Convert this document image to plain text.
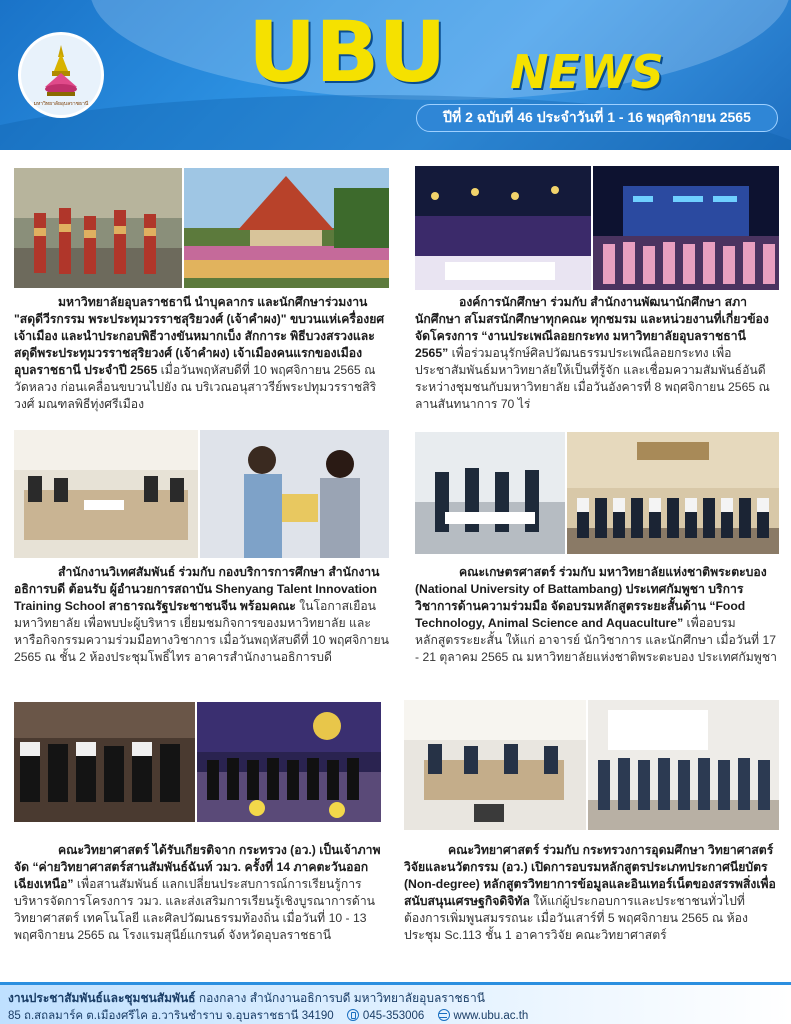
มหาวิทยาลัยอุบลราชธานี
UBU NEWS
ปีที่ 2 ฉบับที่ 46 ประจำวันที่ 1 - 16 พฤศจิกายน 2565
มหาวิทยาลัยอุบลราชธานี นำบุคลากร และนักศึกษาร่วมงาน "สดุดีวีรกรรม พระประทุมวรราชสุริยวงศ์ (เจ้าคำผง)" ขบวนแห่เครื่องยศเจ้าเมือง และนำประกอบพิธีวางขันหมากเบ็ง สักการะ พิธีบวงสรวงและสดุดีพระประทุมวรราชสุริยวงศ์ (เจ้าคำผง) เจ้าเมืองคนแรกของเมืองอุบลราชธานี ประจำปี 2565 เมื่อวันพฤหัสบดีที่ 10 พฤศจิกายน 2565 ณ วัดหลวง ก่อนเคลื่อนขบวนไปยัง ณ บริเวณอนุสาวรีย์พระปทุมวรราชสิริวงศ์ มณฑลพิธีทุ่งศรีเมือง
องค์การนักศึกษา ร่วมกับ สำนักงานพัฒนานักศึกษา สภานักศึกษา สโมสรนักศึกษาทุกคณะ ทุกชมรม และหน่วยงานที่เกี่ยวข้อง จัดโครงการ “งานประเพณีลอยกระทง มหาวิทยาลัยอุบลราชธานี 2565” เพื่อร่วมอนุรักษ์ศิลปวัฒนธรรมประเพณีลอยกระทง เพื่อประชาสัมพันธ์มหาวิทยาลัยให้เป็นที่รู้จัก และเชื่อมความสัมพันธ์อันดีระหว่างชุมชนกับมหาวิทยาลัย เมื่อวันอังคารที่ 8 พฤศจิกายน 2565 ณ ลานสันทนาการ 70 ไร่
สำนักงานวิเทศสัมพันธ์ ร่วมกับ กองบริการการศึกษา สำนักงานอธิการบดี ต้อนรับ ผู้อำนวยการสถาบัน Shenyang Talent Innovation Training School สาธารณรัฐประชาชนจีน พร้อมคณะ ในโอกาสเยือนมหาวิทยาลัย เพื่อพบปะผู้บริหาร เยี่ยมชมกิจการของมหาวิทยาลัย และหารือกิจกรรมความร่วมมือทางวิชาการ เมื่อวันพฤหัสบดีที่ 10 พฤศจิกายน 2565 ณ ชั้น 2 ห้องประชุมโพธิ์ไทร อาคารสำนักงานอธิการบดี
คณะเกษตรศาสตร์ ร่วมกับ มหาวิทยาลัยแห่งชาติพระตะบอง (National University of Battambang) ประเทศกัมพูชา บริการวิชาการด้านความร่วมมือ จัดอบรมหลักสูตรระยะสั้นด้าน “Food Technology, Animal Science and Aquaculture” เพื่ออบรมหลักสูตรระยะสั้น ให้แก่ อาจารย์ นักวิชาการ และนักศึกษา เมื่อวันที่ 17 - 21 ตุลาคม 2565 ณ มหาวิทยาลัยแห่งชาติพระตะบอง ประเทศกัมพูชา
คณะวิทยาศาสตร์ ได้รับเกียรติจาก กระทรวง (อว.) เป็นเจ้าภาพจัด “ค่ายวิทยาศาสตร์สานสัมพันธ์ฉันท์ วมว. ครั้งที่ 14 ภาคตะวันออกเฉียงเหนือ” เพื่อสานสัมพันธ์ แลกเปลี่ยนประสบการณ์การเรียนรู้การบริหารจัดการโครงการ วมว. และส่งเสริมการเรียนรู้เชิงบูรณาการด้านวิทยาศาสตร์ เทคโนโลยี และศิลปวัฒนธรรมท้องถิ่น เมื่อวันที่ 10 - 13 พฤศจิกายน 2565 ณ โรงแรมสุนีย์แกรนด์ จังหวัดอุบลราชธานี
คณะวิทยาศาสตร์ ร่วมกับ กระทรวงการอุดมศึกษา วิทยาศาสตร์ วิจัยและนวัตกรรม (อว.) เปิดการอบรมหลักสูตรประเภทประกาศนียบัตร (Non-degree) หลักสูตรวิทยาการข้อมูลและอินเทอร์เน็ตของสรรพสิ่งเพื่อสนับสนุนเศรษฐกิจดิจิทัล ให้แก่ผู้ประกอบการและประชาชนทั่วไปที่ต้องการเพิ่มพูนสมรรถนะ เมื่อวันเสาร์ที่ 5 พฤศจิกายน 2565 ณ ห้องประชุม Sc.113 ชั้น 1 อาคารวิจัย คณะวิทยาศาสตร์
งานประชาสัมพันธ์และชุมชนสัมพันธ์ กองกลาง สำนักงานอธิการบดี มหาวิทยาลัยอุบลราชธานี
85 ถ.สถลมาร์ค ต.เมืองศรีไค อ.วารินชำราบ จ.อุบลราชธานี 34190	045-353006	www.ubu.ac.th
